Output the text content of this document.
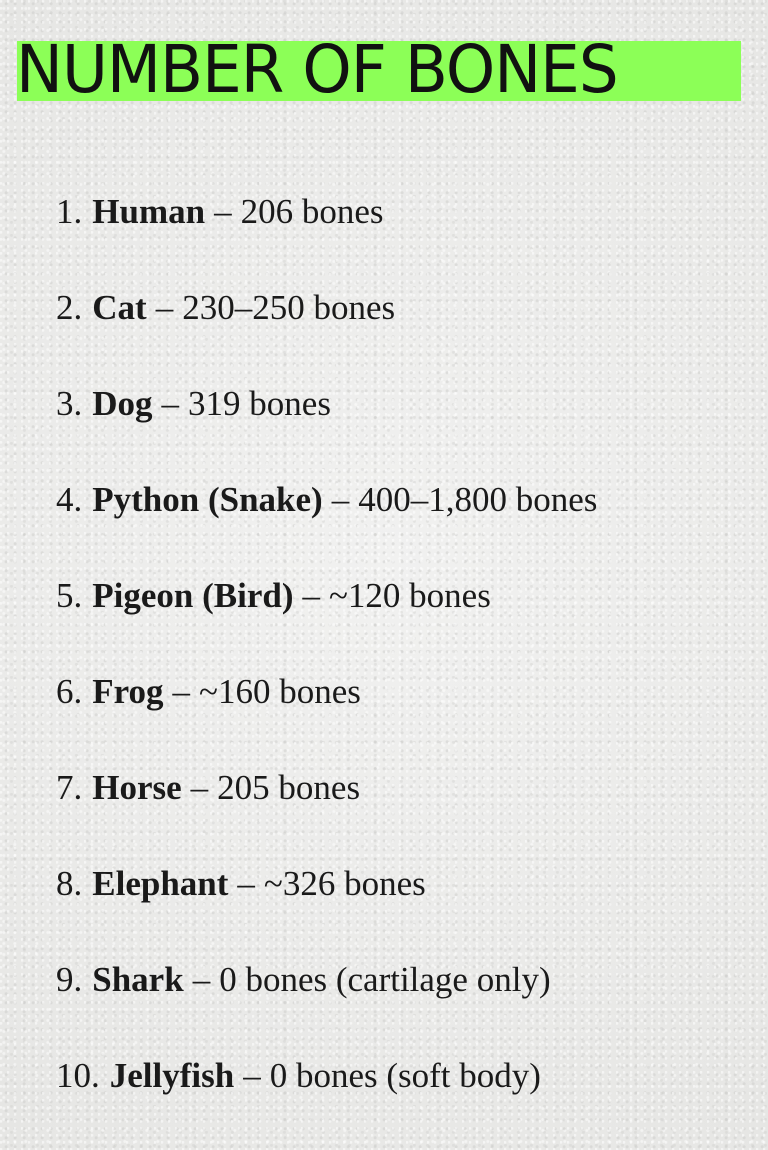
NUMBER OF BONES
1. Human – 206 bones
2. Cat – 230–250 bones
3. Dog – 319 bones
4. Python (Snake) – 400–1,800 bones
5. Pigeon (Bird) – ~120 bones
6. Frog – ~160 bones
7. Horse – 205 bones
8. Elephant – ~326 bones
9. Shark – 0 bones (cartilage only)
10. Jellyfish – 0 bones (soft body)
